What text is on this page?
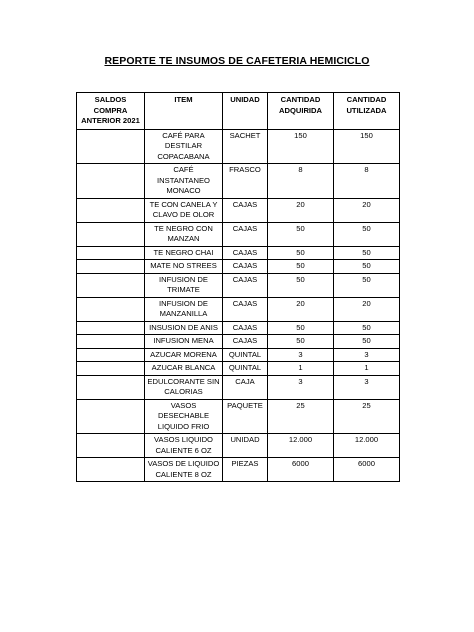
REPORTE TE INSUMOS DE CAFETERIA HEMICICLO
SALDOS COMPRA ANTERIOR 2021	ITEM	UNIDAD	CANTIDAD ADQUIRIDA	CANTIDAD UTILIZADA
	CAFÉ PARA DESTILAR COPACABANA	SACHET	150	150
	CAFÉ INSTANTANEO MONACO	FRASCO	8	8
	TE CON CANELA Y CLAVO DE OLOR	CAJAS	20	20
	TE NEGRO CON MANZAN	CAJAS	50	50
	TE NEGRO CHAI	CAJAS	50	50
	MATE NO STREES	CAJAS	50	50
	INFUSION DE TRIMATE	CAJAS	50	50
	INFUSION DE MANZANILLA	CAJAS	20	20
	INSUSION DE ANIS	CAJAS	50	50
	INFUSION MENA	CAJAS	50	50
	AZUCAR MORENA	QUINTAL	3	3
	AZUCAR BLANCA	QUINTAL	1	1
	EDULCORANTE SIN CALORIAS	CAJA	3	3
	VASOS DESECHABLE LIQUIDO FRIO	PAQUETE	25	25
	VASOS LIQUIDO CALIENTE 6 OZ	UNIDAD	12.000	12.000
	VASOS DE LIQUIDO CALIENTE 8 OZ	PIEZAS	6000	6000
